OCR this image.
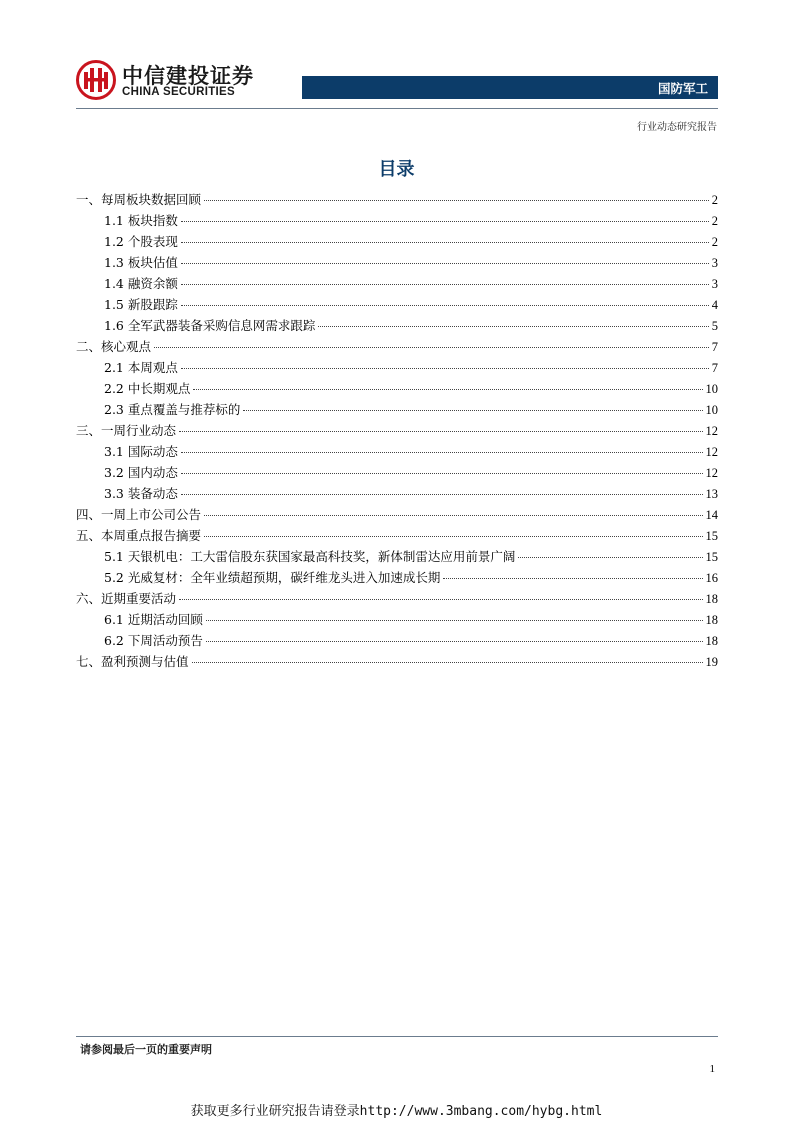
中信建投证券
CHINA SECURITIES	国防军工
行业动态研究报告
目录
一、每周板块数据回顾	2
1.1 板块指数	2
1.2 个股表现	2
1.3 板块估值	3
1.4 融资余额	3
1.5 新股跟踪	4
1.6 全军武器装备采购信息网需求跟踪	5
二、核心观点	7
2.1 本周观点	7
2.2 中长期观点	10
2.3 重点覆盖与推荐标的	10
三、一周行业动态	12
3.1 国际动态	12
3.2 国内动态	12
3.3 装备动态	13
四、一周上市公司公告	14
五、本周重点报告摘要	15
5.1 天银机电：工大雷信股东获国家最高科技奖，新体制雷达应用前景广阔	15
5.2 光威复材：全年业绩超预期，碳纤维龙头进入加速成长期	16
六、近期重要活动	18
6.1 近期活动回顾	18
6.2 下周活动预告	18
七、盈利预测与估值	19
请参阅最后一页的重要声明
1
获取更多行业研究报告请登录http://www.3mbang.com/hybg.html
